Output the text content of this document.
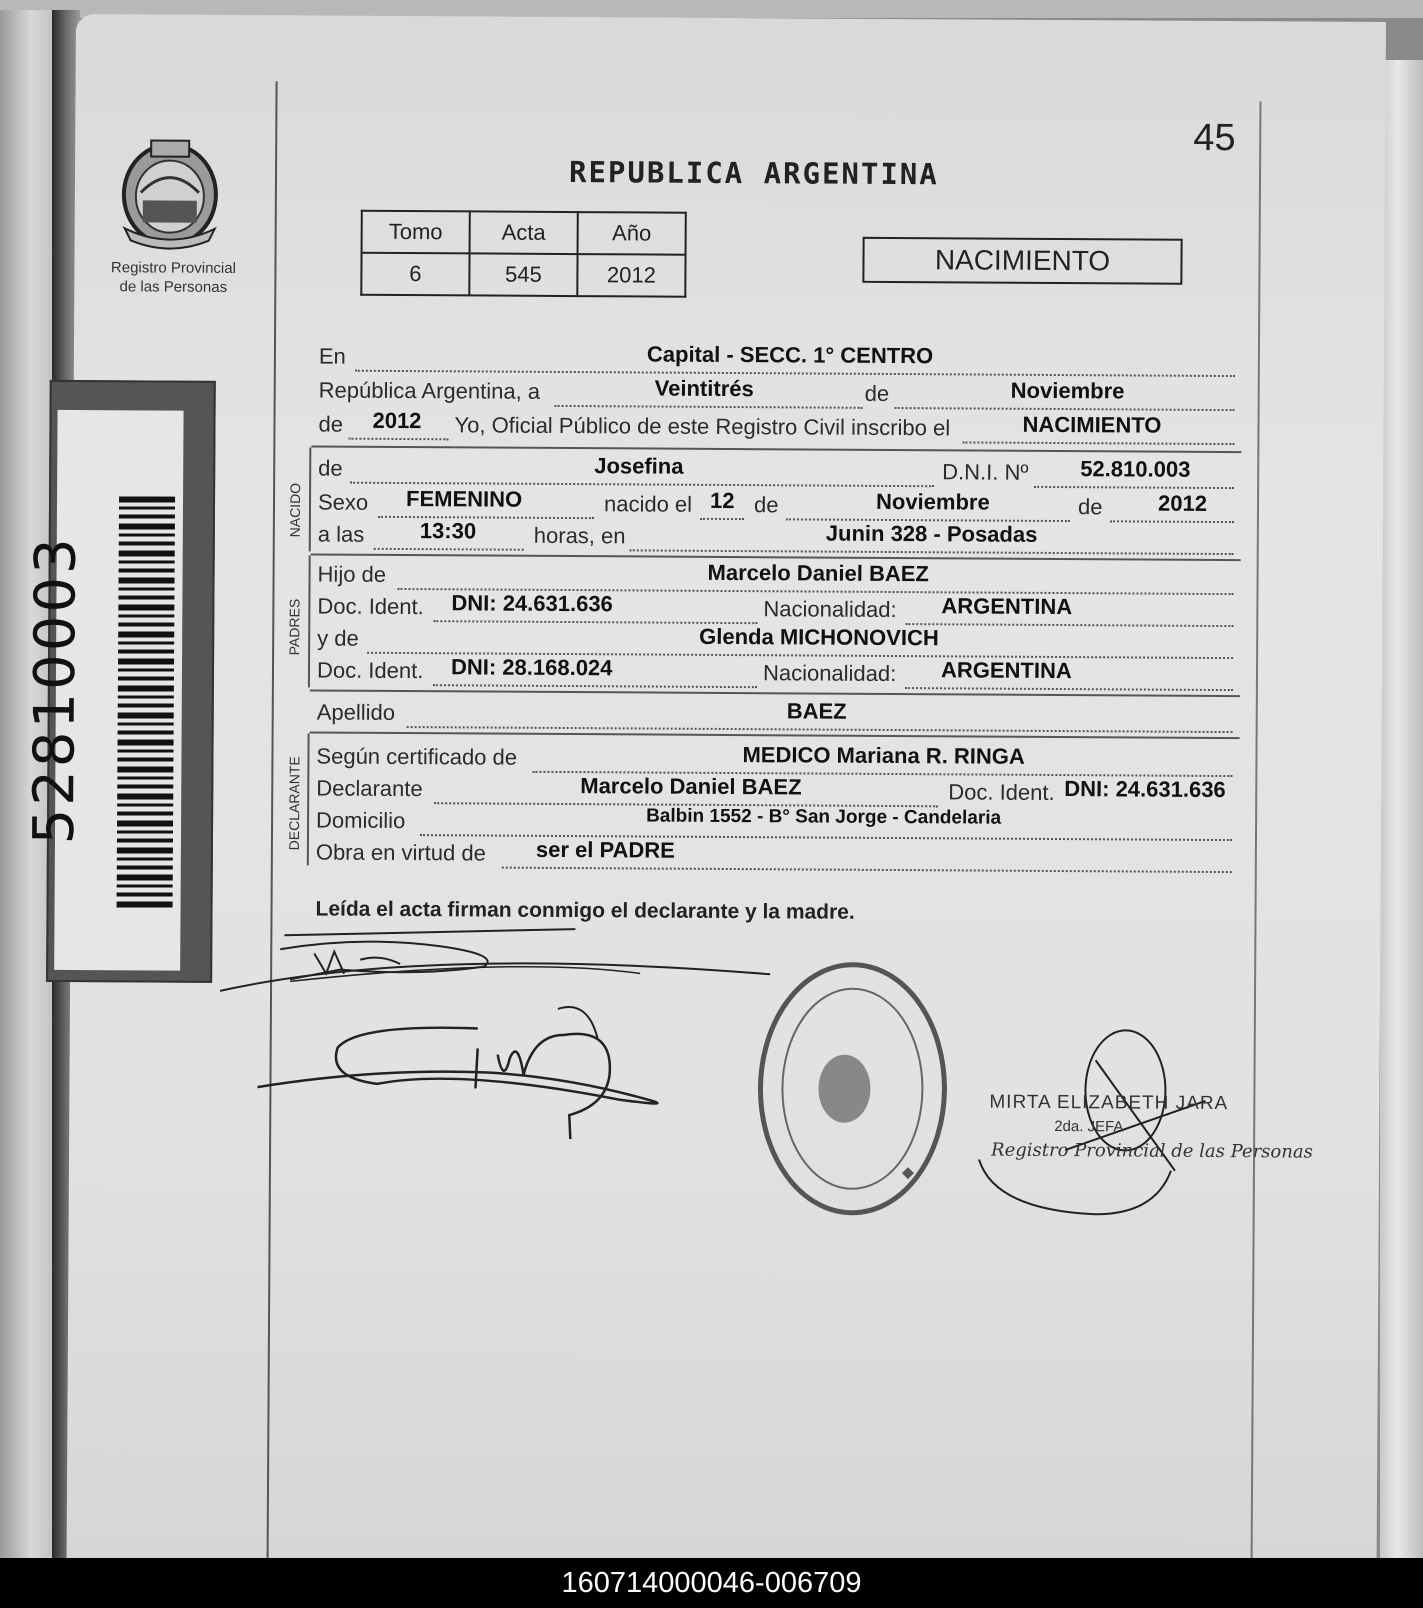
Registro Provincial
de las Personas
52810003
45
REPUBLICA ARGENTINA
Tomo	Acta	Año
6	545	2012	NACIMIENTO
En	Capital - SECC. 1° CENTRO
República Argentina, a	Veintitrés	de	Noviembre
de 2012 Yo, Oficial Público de este Registro Civil inscribo el	NACIMIENTO
NACIDO
de	Josefina	D.N.I. Nº 52.810.003
Sexo FEMENINO	nacido el 12 de	Noviembre	de	2012
a las	13:30	horas, en	Junin 328 - Posadas
PADRES
Hijo de	Marcelo Daniel BAEZ
Doc. Ident. DNI: 24.631.636	Nacionalidad: ARGENTINA
y de	Glenda MICHONOVICH
Doc. Ident. DNI: 28.168.024	Nacionalidad: ARGENTINA
Apellido	BAEZ
DECLARANTE Según certificado de	MEDICO Mariana R. RINGA
Declarante	Marcelo Daniel BAEZ	Doc. Ident. DNI: 24.631.636
Domicilio	Balbin 1552 - B° San Jorge - Candelaria
Obra en virtud de ser el PADRE
Leída el acta firman conmigo el declarante y la madre.
MIRTA ELIZABETH JARA
2da. JEFA
Registro Provincial de las Personas
160714000046-006709
